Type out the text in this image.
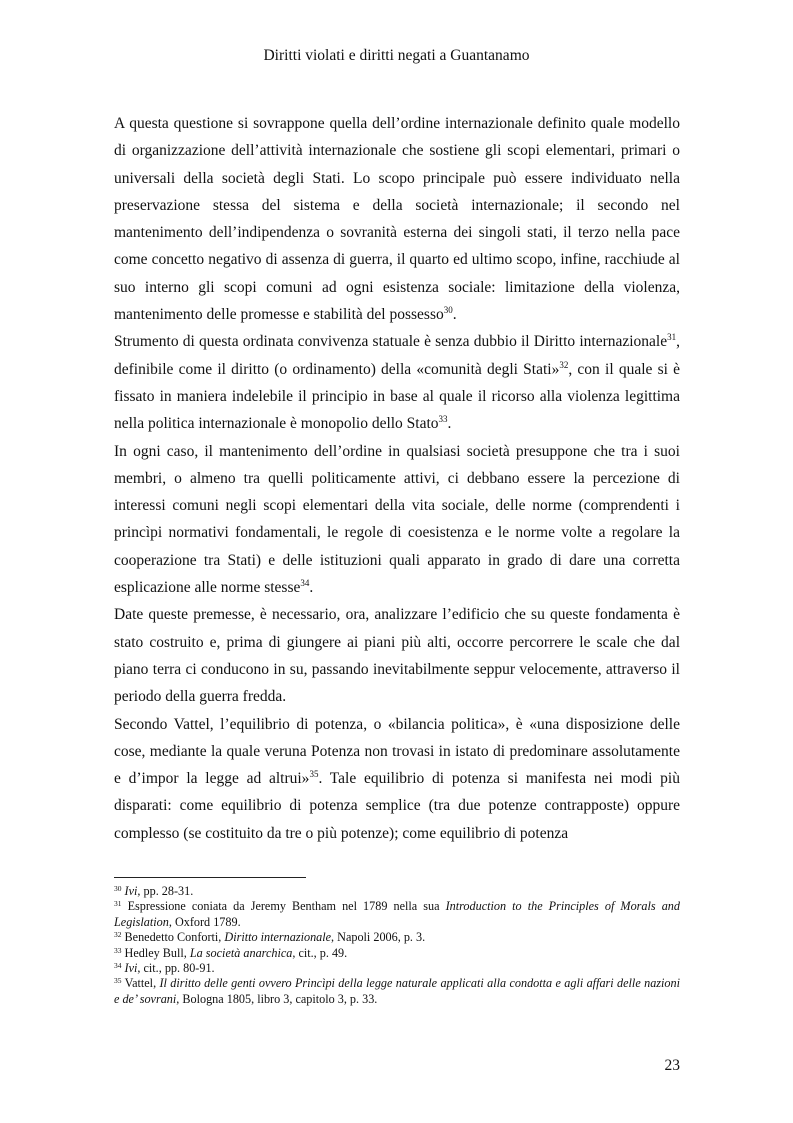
Diritti violati e diritti negati a Guantanamo

A questa questione si sovrappone quella dell’ordine internazionale definito quale modello di organizzazione dell’attività internazionale che sostiene gli scopi elementari, primari o universali della società degli Stati. Lo scopo principale può essere individuato nella preservazione stessa del sistema e della società internazionale; il secondo nel mantenimento dell’indipendenza o sovranità esterna dei singoli stati, il terzo nella pace come concetto negativo di assenza di guerra, il quarto ed ultimo scopo, infine, racchiude al suo interno gli scopi comuni ad ogni esistenza sociale: limitazione della violenza, mantenimento delle promesse e stabilità del possesso$^{30}$.

Strumento di questa ordinata convivenza statuale è senza dubbio il Diritto internazionale$^{31}$, definibile come il diritto (o ordinamento) della «comunità degli Stati»$^{32}$, con il quale si è fissato in maniera indelebile il principio in base al quale il ricorso alla violenza legittima nella politica internazionale è monopolio dello Stato$^{33}$.

In ogni caso, il mantenimento dell’ordine in qualsiasi società presuppone che tra i suoi membri, o almeno tra quelli politicamente attivi, ci debbano essere la percezione di interessi comuni negli scopi elementari della vita sociale, delle norme (comprendenti i princìpi normativi fondamentali, le regole di coesistenza e le norme volte a regolare la cooperazione tra Stati) e delle istituzioni quali apparato in grado di dare una corretta esplicazione alle norme stesse$^{34}$.

Date queste premesse, è necessario, ora, analizzare l’edificio che su queste fondamenta è stato costruito e, prima di giungere ai piani più alti, occorre percorrere le scale che dal piano terra ci conducono in su, passando inevitabilmente seppur velocemente, attraverso il periodo della guerra fredda.

Secondo Vattel, l’equilibrio di potenza, o «bilancia politica», è «una disposizione delle cose, mediante la quale veruna Potenza non trovasi in istato di predominare assolutamente e d’impor la legge ad altrui»$^{35}$. Tale equilibrio di potenza si manifesta nei modi più disparati: come equilibrio di potenza semplice (tra due potenze contrapposte) oppure complesso (se costituito da tre o più potenze); come equilibrio di potenza

$^{30}$ Ivi, pp. 28-31.

$^{31}$ Espressione coniata da Jeremy Bentham nel 1789 nella sua Introduction to the Principles of Morals and Legislation, Oxford 1789.

$^{32}$ Benedetto Conforti, Diritto internazionale, Napoli 2006, p. 3.

$^{33}$ Hedley Bull, La società anarchica, cit., p. 49.

$^{34}$ Ivi, cit., pp. 80-91.

$^{35}$ Vattel, Il diritto delle genti ovvero Princìpi della legge naturale applicati alla condotta e agli affari delle nazioni e de’ sovrani, Bologna 1805, libro 3, capitolo 3, p. 33.

23
